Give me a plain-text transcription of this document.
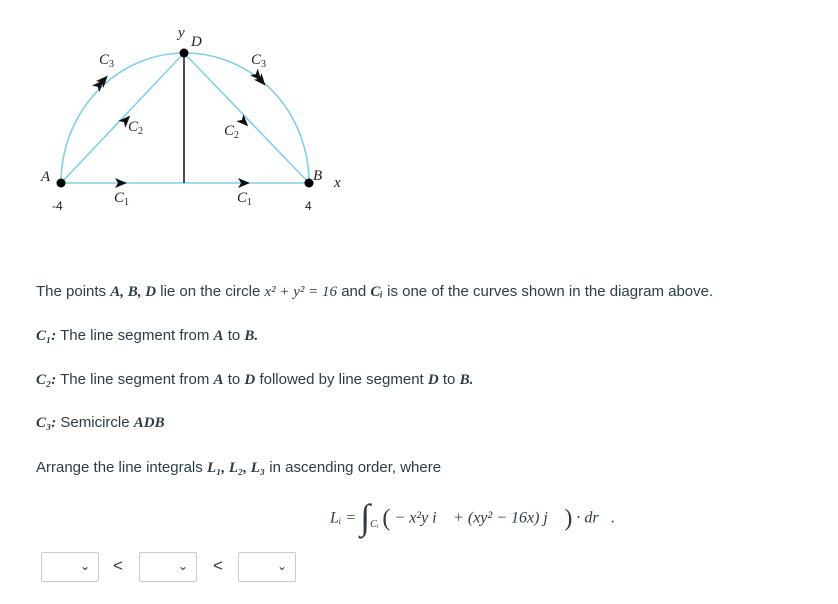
A	B
D
x
y
-4	4
$C_1$	$C_1$
$C_2$	$C_2$
$C_3$	$C_3$
The points A, B, D lie on the circle x² + y² = 16 and Cᵢ is one of the curves shown in the diagram above.
C₁: The line segment from A to B.
C₂: The line segment from A to D followed by line segment D to B.
C₃: Semicircle ADB
Arrange the line integrals L₁, L₂, L₃ in ascending order, where
Lᵢ = $\int_{Cᵢ}$ ( − x²y i⃗ + (xy² − 16x) j⃗ ) · dr⃗.
⌄ <	⌄ <	⌄
